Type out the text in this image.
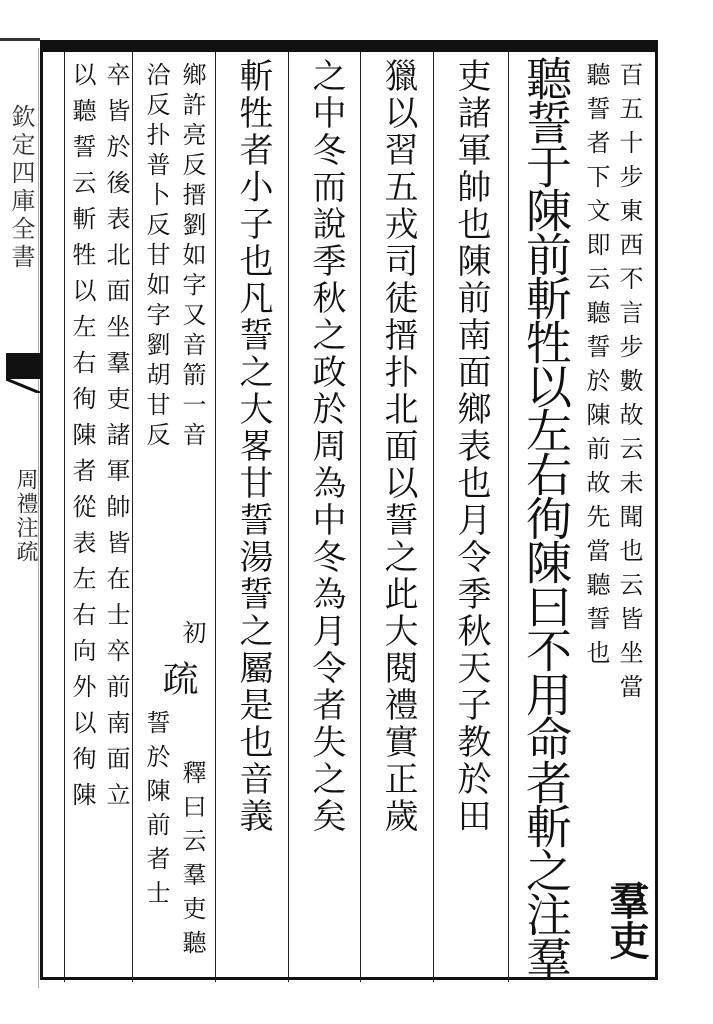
欽定四庫全書
周禮注疏	百五十步東西不言步數故云未聞也云皆坐當
聽誓者下文即云聽誓於陳前故先當聽誓也
聽誓于陳前斬牲以左右徇陳曰不用命者斬之注羣 羣吏
吏諸軍帥也陳前南面鄉表也月令季秋天子教於田
獵以習五戎司徒搢扑北面以誓之此大閱禮實正歲
之中冬而說季秋之政於周為中冬為月令者失之矣
斬牲者小子也凡誓之大畧甘誓湯誓之屬是也音義
鄉許亮反搢劉如字又音箭一音
洽反扑普卜反甘如字劉胡甘反
初
疏
釋曰云羣吏聽
誓於陳前者士
卒皆於後表北面坐羣吏諸軍帥皆在士卒前南面立
以聽誓云斬牲以左右徇陳者從表左右向外以徇陳
